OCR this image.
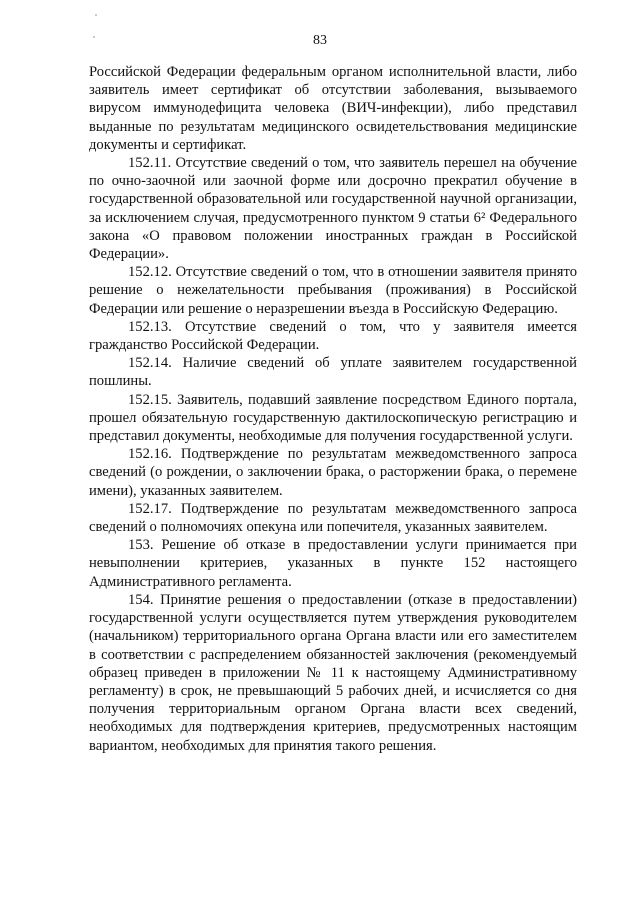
83

Российской Федерации федеральным органом исполнительной власти, либо заявитель имеет сертификат об отсутствии заболевания, вызываемого вирусом иммунодефицита человека (ВИЧ-инфекции), либо представил выданные по результатам медицинского освидетельствования медицинские документы и сертификат.

152.11. Отсутствие сведений о том, что заявитель перешел на обучение по очно-заочной или заочной форме или досрочно прекратил обучение в государственной образовательной или государственной научной организации, за исключением случая, предусмотренного пунктом 9 статьи 6² Федерального закона «О правовом положении иностранных граждан в Российской Федерации».

152.12. Отсутствие сведений о том, что в отношении заявителя принято решение о нежелательности пребывания (проживания) в Российской Федерации или решение о неразрешении въезда в Российскую Федерацию.

152.13. Отсутствие сведений о том, что у заявителя имеется гражданство Российской Федерации.

152.14. Наличие сведений об уплате заявителем государственной пошлины.

152.15. Заявитель, подавший заявление посредством Единого портала, прошел обязательную государственную дактилоскопическую регистрацию и представил документы, необходимые для получения государственной услуги.

152.16. Подтверждение по результатам межведомственного запроса сведений (о рождении, о заключении брака, о расторжении брака, о перемене имени), указанных заявителем.

152.17. Подтверждение по результатам межведомственного запроса сведений о полномочиях опекуна или попечителя, указанных заявителем.

153. Решение об отказе в предоставлении услуги принимается при невыполнении критериев, указанных в пункте 152 настоящего Административного регламента.

154. Принятие решения о предоставлении (отказе в предоставлении) государственной услуги осуществляется путем утверждения руководителем (начальником) территориального органа Органа власти или его заместителем в соответствии с распределением обязанностей заключения (рекомендуемый образец приведен в приложении № 11 к настоящему Административному регламенту) в срок, не превышающий 5 рабочих дней, и исчисляется со дня получения территориальным органом Органа власти всех сведений, необходимых для подтверждения критериев, предусмотренных настоящим вариантом, необходимых для принятия такого решения.
